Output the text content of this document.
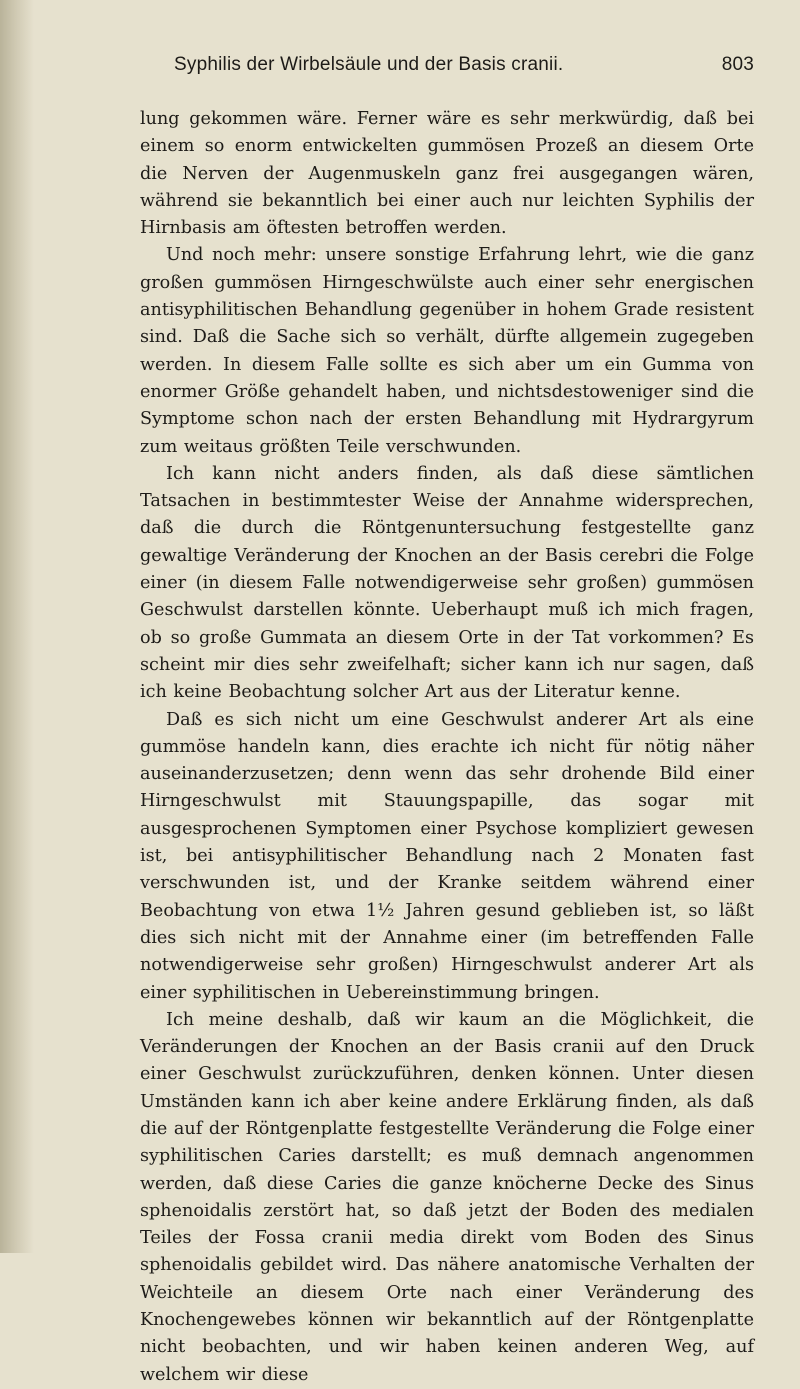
Syphilis der Wirbelsäule und der Basis cranii.	803

lung gekommen wäre. Ferner wäre es sehr merkwürdig, daß bei einem so enorm entwickelten gummösen Prozeß an diesem Orte die Nerven der Augenmuskeln ganz frei ausgegangen wären, während sie bekanntlich bei einer auch nur leichten Syphilis der Hirnbasis am öftesten betroffen werden.

Und noch mehr: unsere sonstige Erfahrung lehrt, wie die ganz großen gummösen Hirngeschwülste auch einer sehr energischen antisyphilitischen Behandlung gegenüber in hohem Grade resistent sind. Daß die Sache sich so verhält, dürfte allgemein zugegeben werden. In diesem Falle sollte es sich aber um ein Gumma von enormer Größe gehandelt haben, und nichtsdestoweniger sind die Symptome schon nach der ersten Behandlung mit Hydrargyrum zum weitaus größten Teile verschwunden.

Ich kann nicht anders finden, als daß diese sämtlichen Tatsachen in bestimmtester Weise der Annahme widersprechen, daß die durch die Röntgenuntersuchung festgestellte ganz gewaltige Veränderung der Knochen an der Basis cerebri die Folge einer (in diesem Falle notwendigerweise sehr großen) gummösen Geschwulst darstellen könnte. Ueberhaupt muß ich mich fragen, ob so große Gummata an diesem Orte in der Tat vorkommen? Es scheint mir dies sehr zweifelhaft; sicher kann ich nur sagen, daß ich keine Beobachtung solcher Art aus der Literatur kenne.

Daß es sich nicht um eine Geschwulst anderer Art als eine gummöse handeln kann, dies erachte ich nicht für nötig näher auseinanderzusetzen; denn wenn das sehr drohende Bild einer Hirngeschwulst mit Stauungspapille, das sogar mit ausgesprochenen Symptomen einer Psychose kompliziert gewesen ist, bei antisyphilitischer Behandlung nach 2 Monaten fast verschwunden ist, und der Kranke seitdem während einer Beobachtung von etwa 1½ Jahren gesund geblieben ist, so läßt dies sich nicht mit der Annahme einer (im betreffenden Falle notwendigerweise sehr großen) Hirngeschwulst anderer Art als einer syphilitischen in Uebereinstimmung bringen.

Ich meine deshalb, daß wir kaum an die Möglichkeit, die Veränderungen der Knochen an der Basis cranii auf den Druck einer Geschwulst zurückzuführen, denken können. Unter diesen Umständen kann ich aber keine andere Erklärung finden, als daß die auf der Röntgenplatte festgestellte Veränderung die Folge einer syphilitischen Caries darstellt; es muß demnach angenommen werden, daß diese Caries die ganze knöcherne Decke des Sinus sphenoidalis zerstört hat, so daß jetzt der Boden des medialen Teiles der Fossa cranii media direkt vom Boden des Sinus sphenoidalis gebildet wird. Das nähere anatomische Verhalten der Weichteile an diesem Orte nach einer Veränderung des Knochengewebes können wir bekanntlich auf der Röntgenplatte nicht beobachten, und wir haben keinen anderen Weg, auf welchem wir diese
